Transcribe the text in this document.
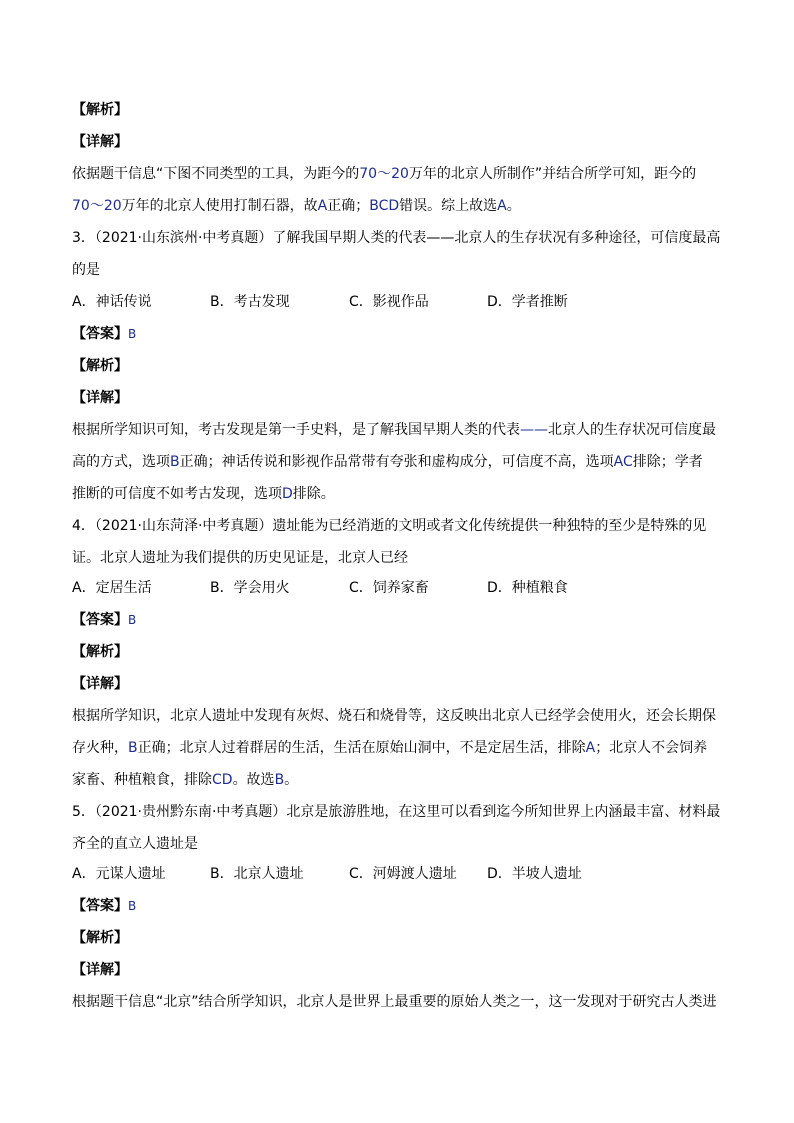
【解析】
【详解】
依据题干信息“下图不同类型的工具，为距今的70～20万年的北京人所制作”并结合所学可知，距今的
70～20万年的北京人使用打制石器，故A正确；BCD错误。综上故选A。
3．（2021·山东滨州·中考真题）了解我国早期人类的代表——北京人的生存状况有多种途径，可信度最高
的是
A．神话传说	B．考古发现	C．影视作品	D．学者推断
【答案】B
【解析】
【详解】
根据所学知识可知，考古发现是第一手史料，是了解我国早期人类的代表——北京人的生存状况可信度最
高的方式，选项B正确；神话传说和影视作品常带有夸张和虚构成分，可信度不高，选项AC排除；学者
推断的可信度不如考古发现，选项D排除。
4．（2021·山东菏泽·中考真题）遗址能为已经消逝的文明或者文化传统提供一种独特的至少是特殊的见
证。北京人遗址为我们提供的历史见证是，北京人已经
A．定居生活	B．学会用火	C．饲养家畜	D．种植粮食
【答案】B
【解析】
【详解】
根据所学知识，北京人遗址中发现有灰烬、烧石和烧骨等，这反映出北京人已经学会使用火，还会长期保
存火种，B正确；北京人过着群居的生活，生活在原始山洞中，不是定居生活，排除A；北京人不会饲养
家畜、种植粮食，排除CD。故选B。
5．（2021·贵州黔东南·中考真题）北京是旅游胜地，在这里可以看到迄今所知世界上内涵最丰富、材料最
齐全的直立人遗址是
A．元谋人遗址	B．北京人遗址	C．河姆渡人遗址 D．半坡人遗址
【答案】B
【解析】
【详解】
根据题干信息“北京”结合所学知识，北京人是世界上最重要的原始人类之一，这一发现对于研究古人类进
